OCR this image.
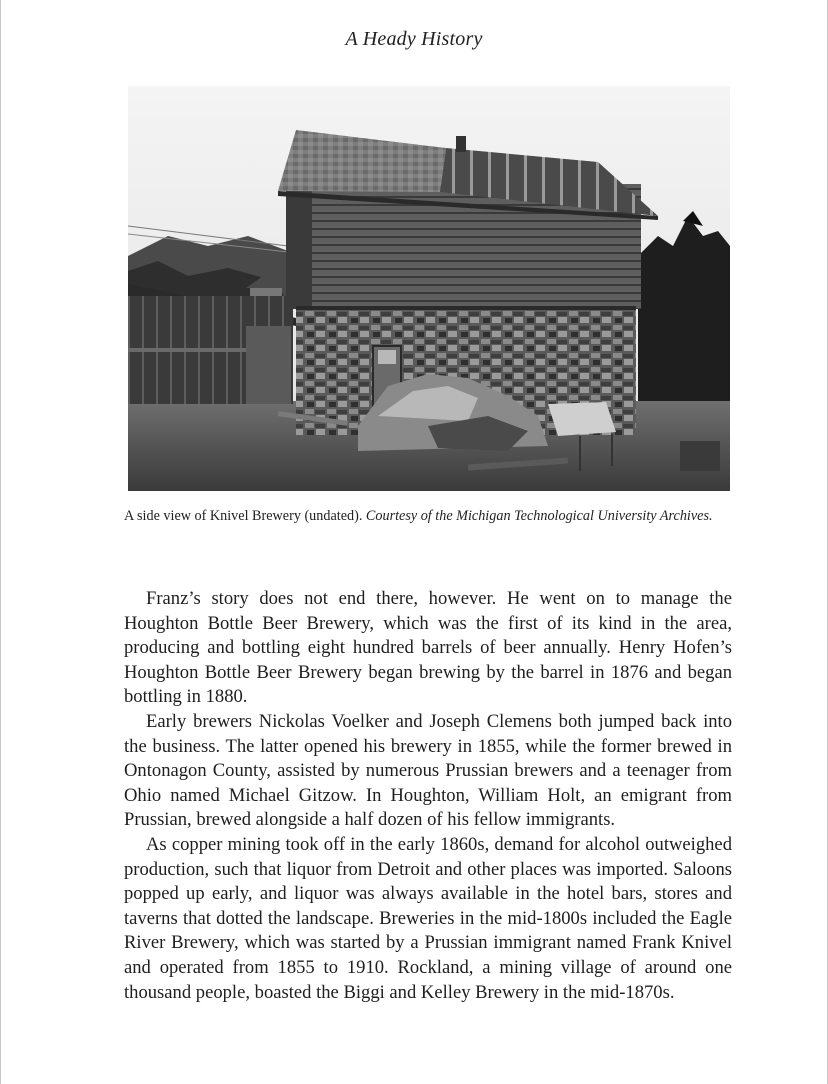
A Heady History
A side view of Knivel Brewery (undated). Courtesy of the Michigan Technological University Archives.

Franz’s story does not end there, however. He went on to manage the Houghton Bottle Beer Brewery, which was the first of its kind in the area, producing and bottling eight hundred barrels of beer annually. Henry Hofen’s Houghton Bottle Beer Brewery began brewing by the barrel in 1876 and began bottling in 1880.

Early brewers Nickolas Voelker and Joseph Clemens both jumped back into the business. The latter opened his brewery in 1855, while the former brewed in Ontonagon County, assisted by numerous Prussian brewers and a teenager from Ohio named Michael Gitzow. In Houghton, William Holt, an emigrant from Prussian, brewed alongside a half dozen of his fellow immigrants.

As copper mining took off in the early 1860s, demand for alcohol outweighed production, such that liquor from Detroit and other places was imported. Saloons popped up early, and liquor was always available in the hotel bars, stores and taverns that dotted the landscape. Breweries in the mid-1800s included the Eagle River Brewery, which was started by a Prussian immigrant named Frank Knivel and operated from 1855 to 1910. Rockland, a mining village of around one thousand people, boasted the Biggi and Kelley Brewery in the mid-1870s.
